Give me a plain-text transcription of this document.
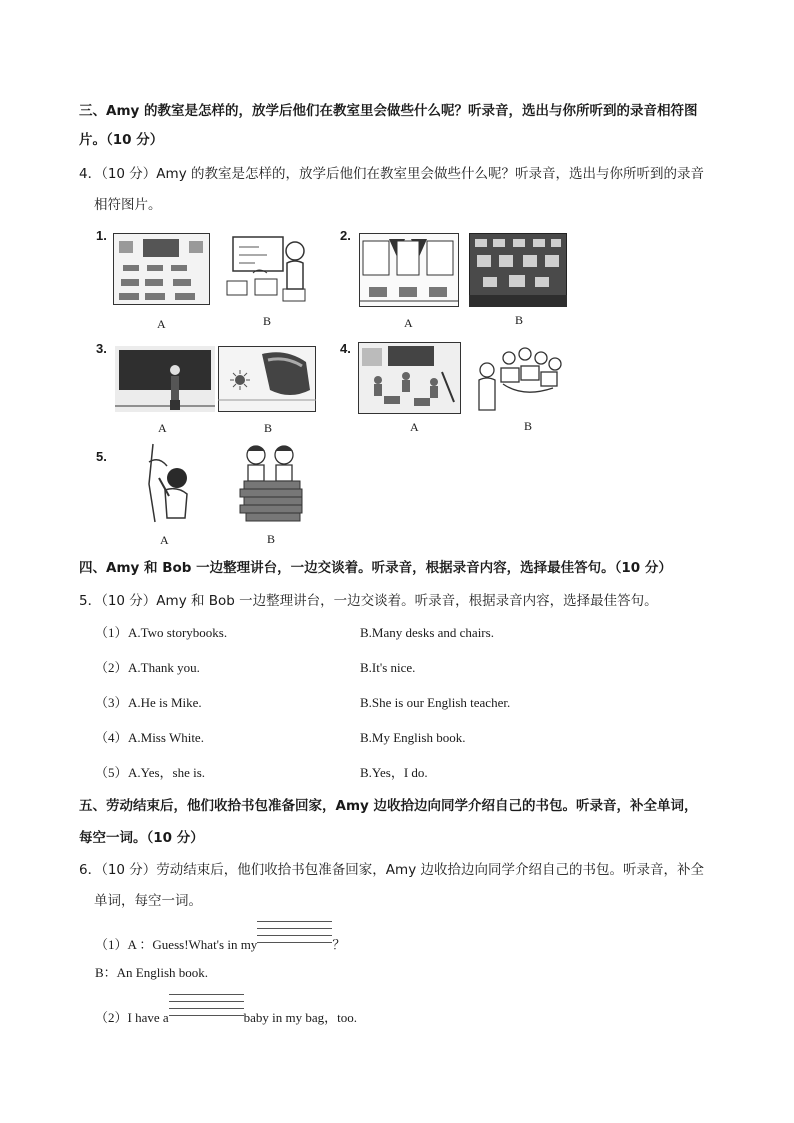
三、Amy 的教室是怎样的，放学后他们在教室里会做些什么呢？听录音，选出与你所听到的录音相符图
片。（10 分）
4．（10 分）Amy 的教室是怎样的，放学后他们在教室里会做些什么呢？听录音，选出与你所听到的录音
相符图片。
1.
A	B
2.
A	B
3.
A	B
4.
A	B
5.
A	B
四、Amy 和 Bob 一边整理讲台，一边交谈着。听录音，根据录音内容，选择最佳答句。（10 分）
5．（10 分）Amy 和 Bob 一边整理讲台，一边交谈着。听录音，根据录音内容，选择最佳答句。
（1） A.Two storybooks.	B.Many desks and chairs.
（2） A.Thank you.	B.It's nice.
（3） A.He is Mike.	B.She is our English teacher.
（4） A.Miss White.	B.My English book.
（5） A.Yes，she is.	B.Yes，I do.
五、劳动结束后，他们收拾书包准备回家，Amy 边收拾边向同学介绍自己的书包。听录音，补全单词，
每空一词。（10 分）
6．（10 分）劳动结束后，他们收拾书包准备回家，Amy 边收拾边向同学介绍自己的书包。听录音，补全
单词，每空一词。
（1）A ：Guess!What's in my	？
B：An English book.
（2）I have a	baby in my bag，too.
